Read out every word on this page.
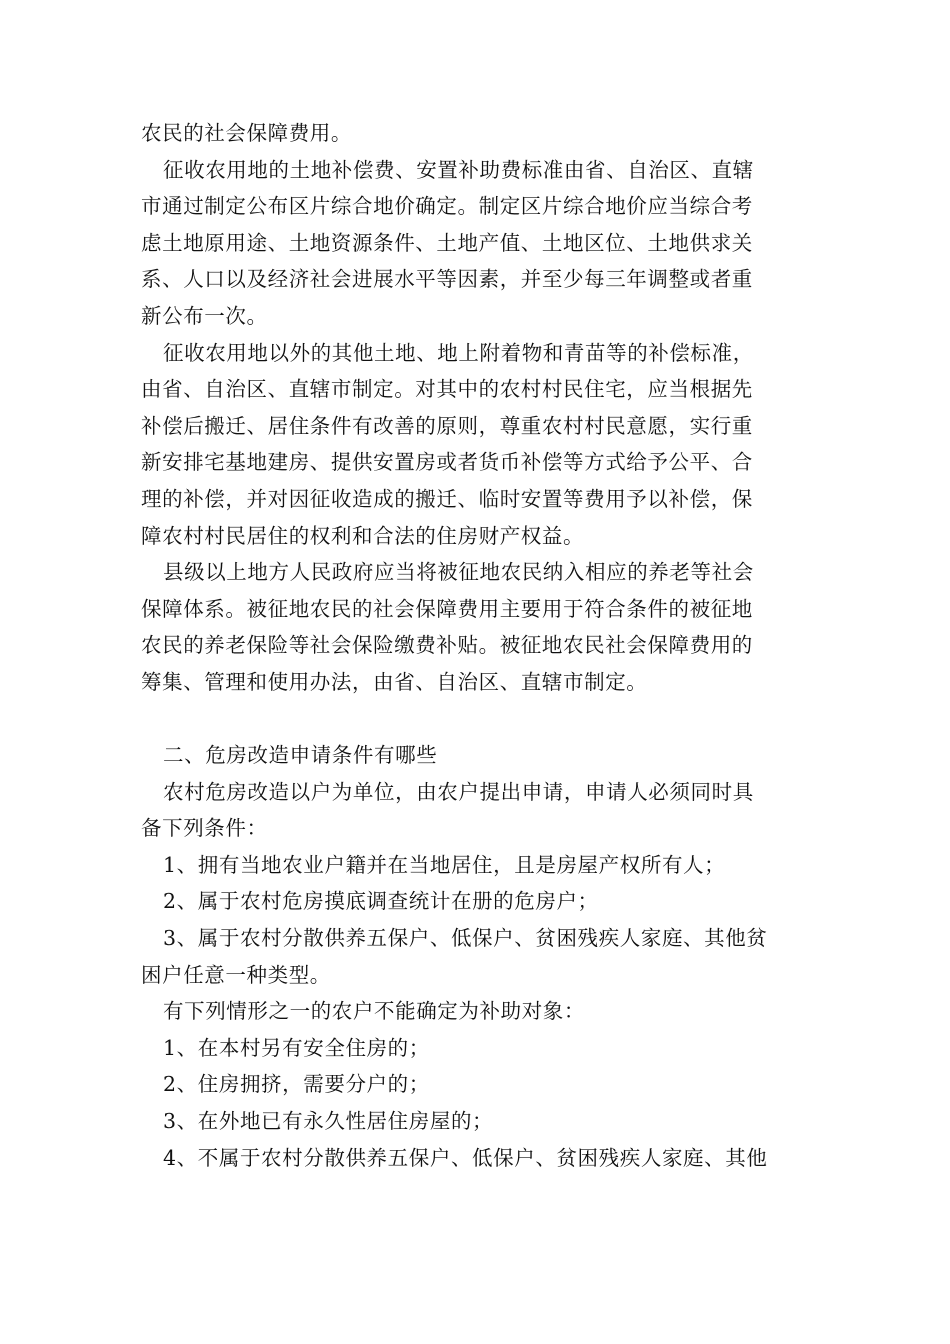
农民的社会保障费用。
征收农用地的土地补偿费、安置补助费标准由省、自治区、直辖
市通过制定公布区片综合地价确定。制定区片综合地价应当综合考
虑土地原用途、土地资源条件、土地产值、土地区位、土地供求关
系、人口以及经济社会进展水平等因素，并至少每三年调整或者重
新公布一次。
征收农用地以外的其他土地、地上附着物和青苗等的补偿标准，
由省、自治区、直辖市制定。对其中的农村村民住宅，应当根据先
补偿后搬迁、居住条件有改善的原则，尊重农村村民意愿，实行重
新安排宅基地建房、提供安置房或者货币补偿等方式给予公平、合
理的补偿，并对因征收造成的搬迁、临时安置等费用予以补偿，保
障农村村民居住的权利和合法的住房财产权益。
县级以上地方人民政府应当将被征地农民纳入相应的养老等社会
保障体系。被征地农民的社会保障费用主要用于符合条件的被征地
农民的养老保险等社会保险缴费补贴。被征地农民社会保障费用的
筹集、管理和使用办法，由省、自治区、直辖市制定。
二、危房改造申请条件有哪些
农村危房改造以户为单位，由农户提出申请，申请人必须同时具
备下列条件：
1、拥有当地农业户籍并在当地居住，且是房屋产权所有人；
2、属于农村危房摸底调查统计在册的危房户；
3、属于农村分散供养五保户、低保户、贫困残疾人家庭、其他贫
困户任意一种类型。
有下列情形之一的农户不能确定为补助对象：
1、在本村另有安全住房的；
2、住房拥挤，需要分户的；
3、在外地已有永久性居住房屋的；
4、不属于农村分散供养五保户、低保户、贫困残疾人家庭、其他
